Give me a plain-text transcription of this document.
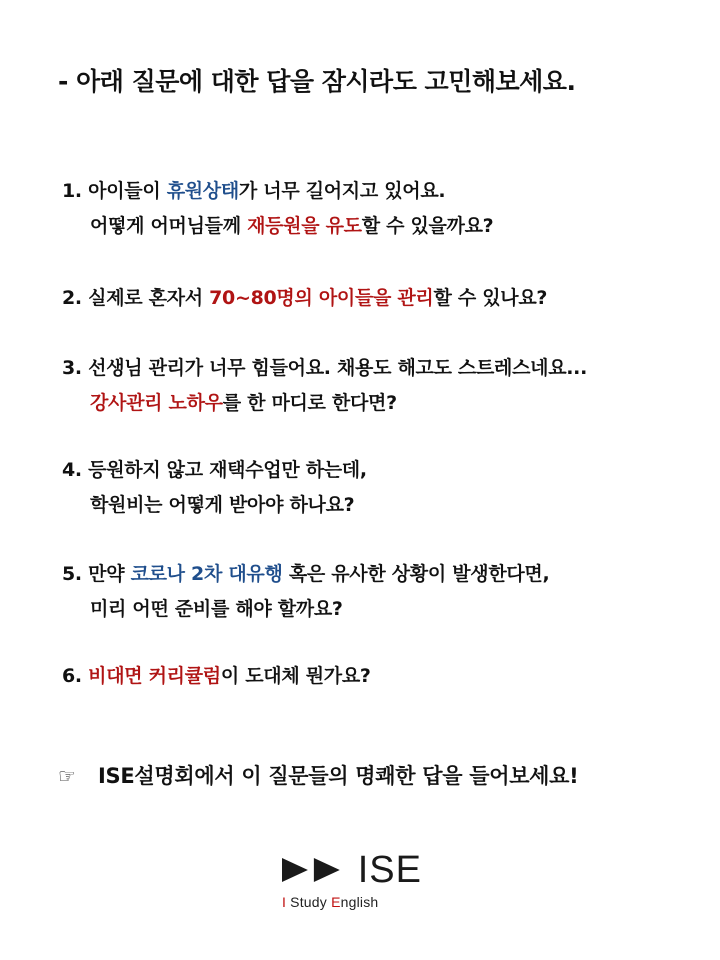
- 아래 질문에 대한 답을 잠시라도 고민해보세요.
1. 아이들이 휴원상태가 너무 길어지고 있어요.
어떻게 어머님들께 재등원을 유도할 수 있을까요?
2. 실제로 혼자서 70~80명의 아이들을 관리할 수 있나요?
3. 선생님 관리가 너무 힘들어요. 채용도 해고도 스트레스네요...
강사관리 노하우를 한 마디로 한다면?
4. 등원하지 않고 재택수업만 하는데,
학원비는 어떻게 받아야 하나요?
5. 만약 코로나 2차 대유행 혹은 유사한 상황이 발생한다면,
미리 어떤 준비를 해야 할까요?
6. 비대면 커리큘럼이 도대체 뭔가요?
☞ ISE설명회에서 이 질문들의 명쾌한 답을 들어보세요!
ISE
I Study English
